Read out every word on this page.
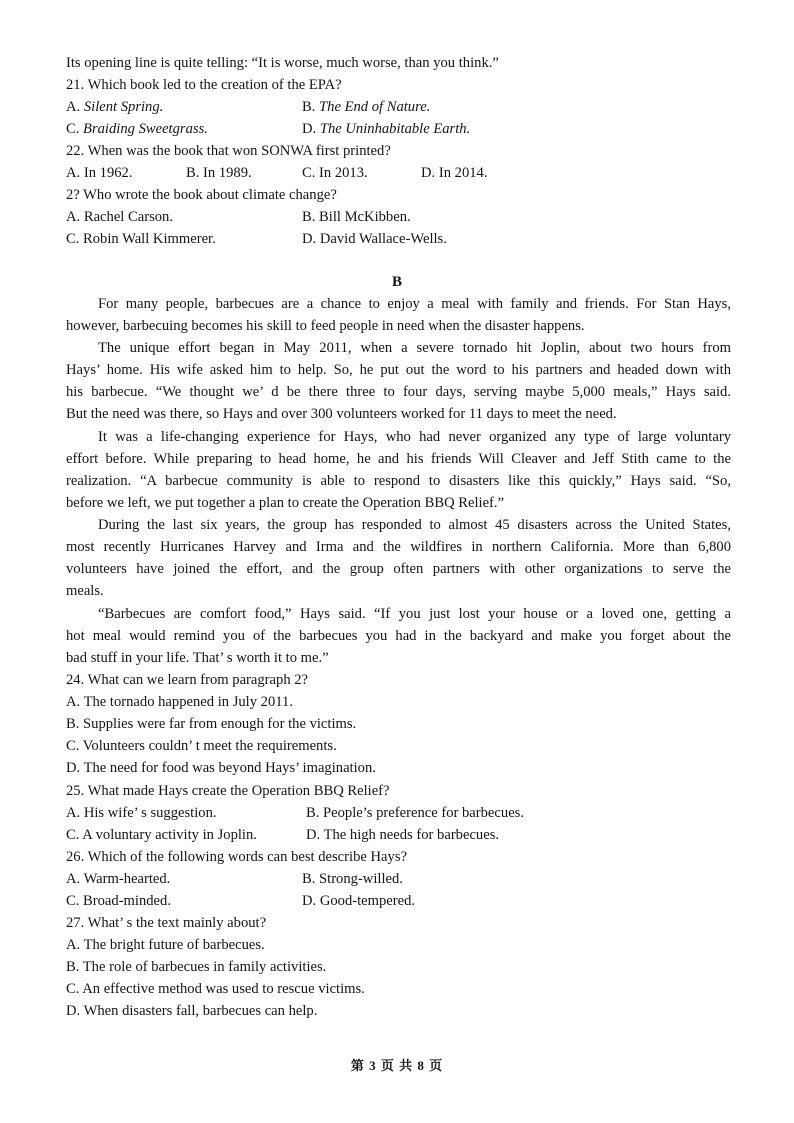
Its opening line is quite telling: “It is worse, much worse, than you think.”
21. Which book led to the creation of the EPA?
A. Silent Spring.	B. The End of Nature.
C. Braiding Sweetgrass.	D. The Uninhabitable Earth.
22. When was the book that won SONWA first printed?
A. In 1962.	B. In 1989.	C. In 2013.	D. In 2014.
2? Who wrote the book about climate change?
A. Rachel Carson.	B. Bill McKibben.
C. Robin Wall Kimmerer.	D. David Wallace-Wells.
B
For many people, barbecues are a chance to enjoy a meal with family and friends. For Stan Hays,
however, barbecuing becomes his skill to feed people in need when the disaster happens.
The unique effort began in May 2011, when a severe tornado hit Joplin, about two hours from
Hays’ home. His wife asked him to help. So, he put out the word to his partners and headed down with
his barbecue. “We thought we’ d be there three to four days, serving maybe 5,000 meals,” Hays said.
But the need was there, so Hays and over 300 volunteers worked for 11 days to meet the need.
It was a life-changing experience for Hays, who had never organized any type of large voluntary
effort before. While preparing to head home, he and his friends Will Cleaver and Jeff Stith came to the
realization. “A barbecue community is able to respond to disasters like this quickly,” Hays said. “So,
before we left, we put together a plan to create the Operation BBQ Relief.”
During the last six years, the group has responded to almost 45 disasters across the United States,
most recently Hurricanes Harvey and Irma and the wildfires in northern California. More than 6,800
volunteers have joined the effort, and the group often partners with other organizations to serve the
meals.
“Barbecues are comfort food,” Hays said. “If you just lost your house or a loved one, getting a
hot meal would remind you of the barbecues you had in the backyard and make you forget about the
bad stuff in your life. That’ s worth it to me.”
24. What can we learn from paragraph 2?
A. The tornado happened in July 2011.
B. Supplies were far from enough for the victims.
C. Volunteers couldn’ t meet the requirements.
D. The need for food was beyond Hays’ imagination.
25. What made Hays create the Operation BBQ Relief?
A. His wife’ s suggestion.	B. People’s preference for barbecues.
C. A voluntary activity in Joplin.	D. The high needs for barbecues.
26. Which of the following words can best describe Hays?
A. Warm-hearted.	B. Strong-willed.
C. Broad-minded.	D. Good-tempered.
27. What’ s the text mainly about?
A. The bright future of barbecues.
B. The role of barbecues in family activities.
C. An effective method was used to rescue victims.
D. When disasters fall, barbecues can help.
第 3 页 共 8 页
